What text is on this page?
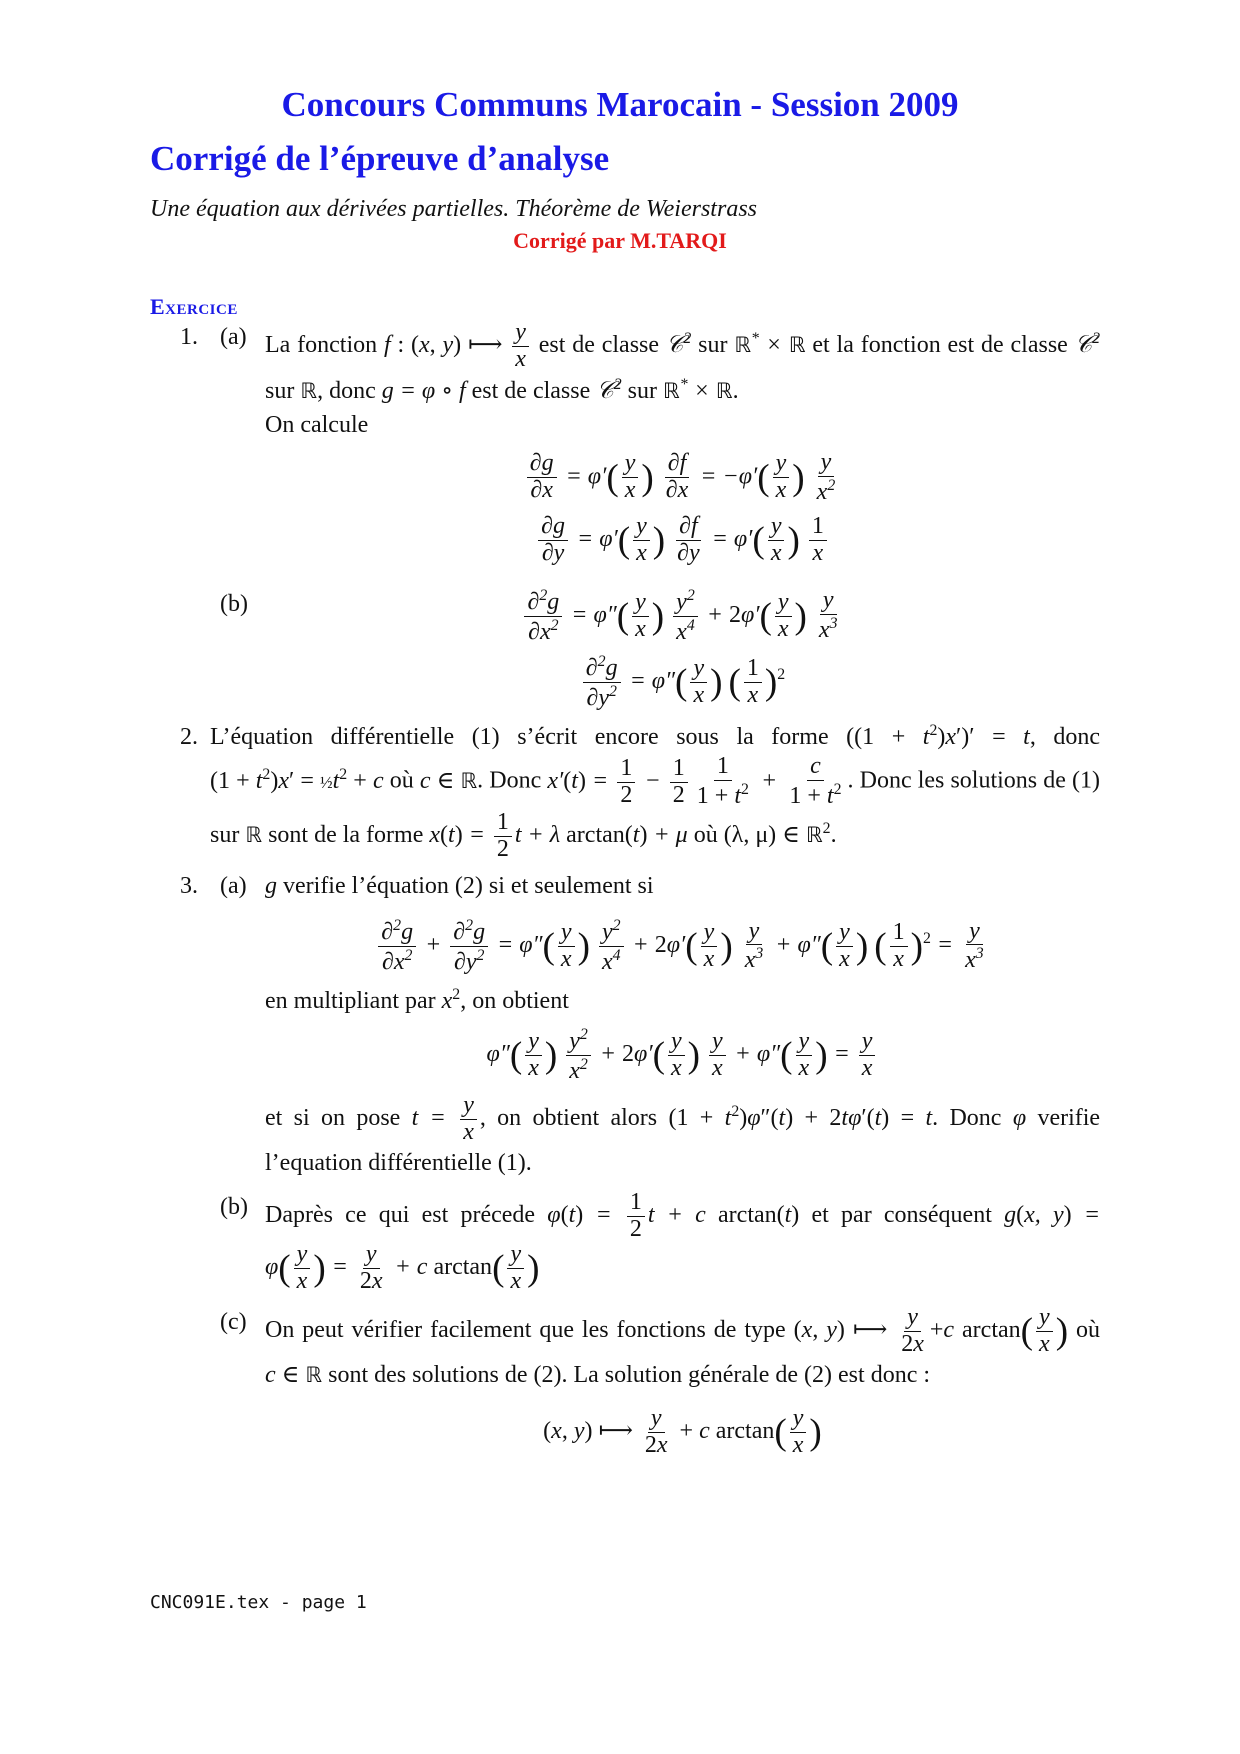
Concours Communs Marocain - Session 2009
Corrigé de l’épreuve d’analyse
Une équation aux dérivées partielles. Théorème de Weierstrass
Corrigé par M.TARQI
Exercice
1. (a) La fonction f : (x, y) ⟼ $\frac{y}{x}$ est de classe 𝒞$^2$ sur ℝ* × ℝ et la fonction est de classe 𝒞$^2$ sur ℝ, donc g = φ ∘ f est de classe 𝒞$^2$ sur ℝ* × ℝ.
On calcule

$\frac{\partial g}{\partial x} = \varphi'( \frac{y}{x}$ ) $\frac{\partial f}{\partial x} = -\varphi'( \frac{y}{x}$ ) $\frac{y}{x^2}$
$\frac{\partial g}{\partial y} = \varphi'( \frac{y}{x}$ ) $\frac{\partial f}{\partial y} = \varphi'( \frac{y}{x}$ ) $\frac{1}{x}$
(b)	$\frac{\partial^2g}{\partial x^2} = \varphi''( \frac{y}{x}$ ) $\frac{y^2}{x^4} + 2\varphi'( \frac{y}{x}$ ) $\frac{y}{x^3}$
$\frac{\partial^2g}{\partial y^2} = \varphi''( \frac{y}{x}$ ) ( $\frac{1}{x} )^2$
2. L’équation différentielle (1) s’écrit encore sous la forme $((1 + t^2)x')' = t$, donc $(1 + t^2)x'$ = $\frac{1}{2}t^2 + c$ où c ∈ ℝ. Donc $x'(t) = \frac{1}{2} - \frac{1}{2} \frac{1}{1 + t^2} + \frac{c}{1 + t^2}$ . Donc les solutions de (1) sur ℝ sont de la forme $x(t) = \frac{1}{2}$ t + λ arctan(t) + μ où (λ, μ) ∈ ℝ$^2$.

3. (a) g verifie l’équation (2) si et seulement si

$\frac{\partial^2g}{\partial x^2} + \frac{\partial^2g}{\partial y^2} = \varphi''( \frac{y}{x}$ ) $\frac{y^2}{x^4} + 2\varphi'( \frac{y}{x}$ ) $\frac{y}{x^3} + \varphi''( \frac{y}{x}$ ) ( $\frac{1}{x} )^2 = \frac{y}{x^3}$

en multipliant par $x^2$, on obtient

$\varphi''( \frac{y}{x}$ ) $\frac{y^2}{x^2} + 2\varphi'( \frac{y}{x}$ ) $\frac{y}{x} + \varphi''( \frac{y}{x}$ ) = $\frac{y}{x}$

et si on pose $t = \frac{y}{x}$ , on obtient alors $(1 + t^2)\varphi''(t) + 2t\varphi'(t) = t$. Donc φ verifie l’equation différentielle (1).

(b) Daprès ce qui est précede $\varphi(t) = \frac{1}{2}$ t + c arctan(t) et par conséquent g(x, $y) = \varphi( \frac{y}{x}$ ) = $\frac{y}{2x} + c$ $\arctan( \frac{y}{x}$ )

(c) On peut vérifier facilement que les fonctions de type (x, y) ⟼ $\frac{y}{2x} +c$ $\arctan( \frac{y}{x}$ ) où c ∈ ℝ sont des solutions de (2). La solution générale de (2) est donc :

(x, y) ⟼ $\frac{y}{2x} + c$ $\arctan( \frac{y}{x}$ )
CNC091E.tex - page 1
